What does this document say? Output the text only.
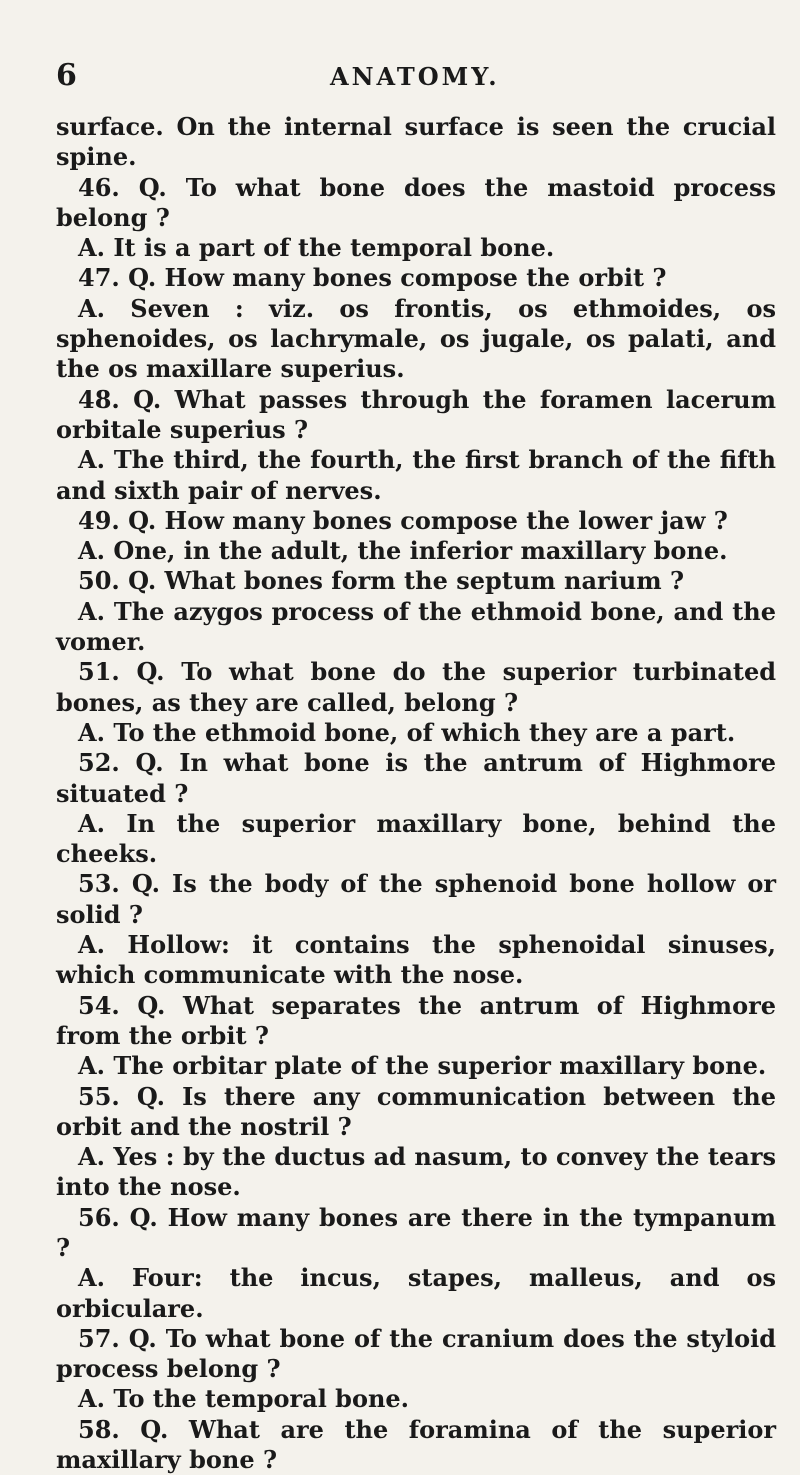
6	ANATOMY.

surface. On the internal surface is seen the crucial spine.

46. Q. To what bone does the mastoid process belong ?

A. It is a part of the temporal bone.

47. Q. How many bones compose the orbit ?

A. Seven : viz. os frontis, os ethmoides, os sphenoides, os lachrymale, os jugale, os palati, and the os maxillare superius.

48. Q. What passes through the foramen lacerum orbitale superius ?

A. The third, the fourth, the first branch of the fifth and sixth pair of nerves.

49. Q. How many bones compose the lower jaw ?

A. One, in the adult, the inferior maxillary bone.

50. Q. What bones form the septum narium ?

A. The azygos process of the ethmoid bone, and the vomer.

51. Q. To what bone do the superior turbinated bones, as they are called, belong ?

A. To the ethmoid bone, of which they are a part.

52. Q. In what bone is the antrum of Highmore situated ?

A. In the superior maxillary bone, behind the cheeks.

53. Q. Is the body of the sphenoid bone hollow or solid ?

A. Hollow: it contains the sphenoidal sinuses, which communicate with the nose.

54. Q. What separates the antrum of Highmore from the orbit ?

A. The orbitar plate of the superior maxillary bone.

55. Q. Is there any communication between the orbit and the nostril ?

A. Yes : by the ductus ad nasum, to convey the tears into the nose.

56. Q. How many bones are there in the tympanum ?

A. Four: the incus, stapes, malleus, and os orbiculare.

57. Q. To what bone of the cranium does the styloid process belong ?

A. To the temporal bone.

58. Q. What are the foramina of the superior maxillary bone ?
